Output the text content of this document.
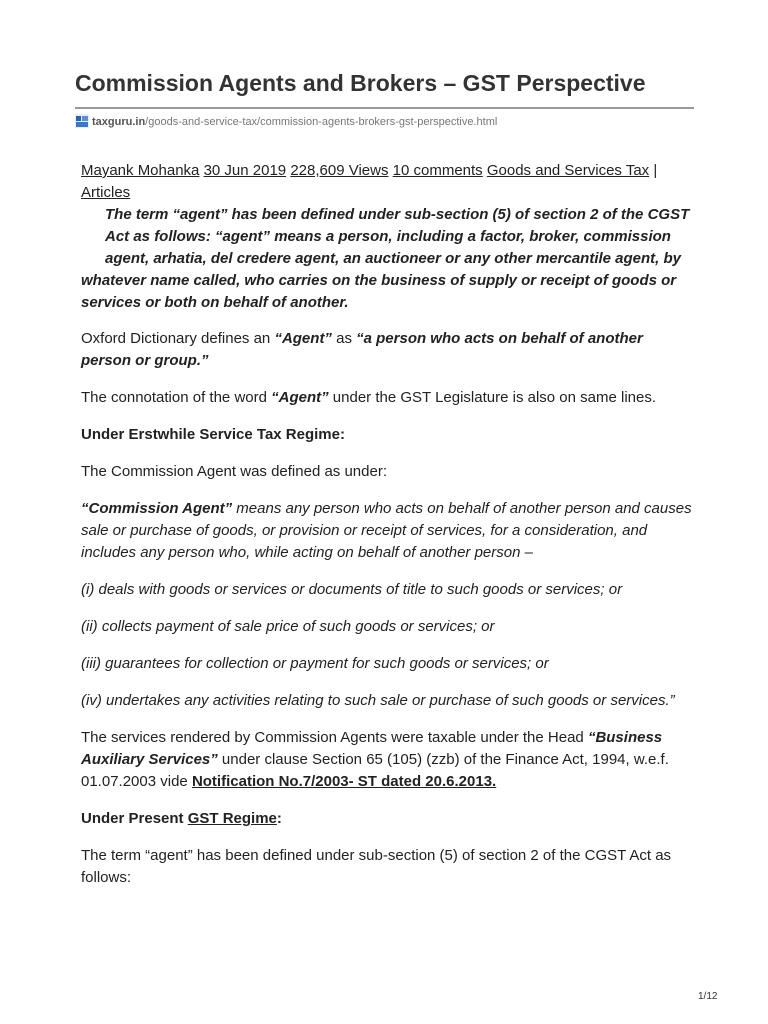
Commission Agents and Brokers – GST Perspective
taxguru.in/goods-and-service-tax/commission-agents-brokers-gst-perspective.html

Mayank Mohanka 30 Jun 2019 228,609 Views 10 comments Goods and Services Tax | Articles

The term “agent” has been defined under sub-section (5) of section 2 of the CGST
Act as follows: “agent” means a person, including a factor, broker, commission
agent, arhatia, del credere agent, an auctioneer or any other mercantile agent, by
whatever name called, who carries on the business of supply or receipt of goods or services or both on behalf of another.

Oxford Dictionary defines an “Agent” as “a person who acts on behalf of another person or group.”

The connotation of the word “Agent” under the GST Legislature is also on same lines.

Under Erstwhile Service Tax Regime:

The Commission Agent was defined as under:

“Commission Agent” means any person who acts on behalf of another person and causes sale or purchase of goods, or provision or receipt of services, for a consideration, and includes any person who, while acting on behalf of another person –

(i) deals with goods or services or documents of title to such goods or services; or

(ii) collects payment of sale price of such goods or services; or

(iii) guarantees for collection or payment for such goods or services; or

(iv) undertakes any activities relating to such sale or purchase of such goods or services.”

The services rendered by Commission Agents were taxable under the Head “Business Auxiliary Services” under clause Section 65 (105) (zzb) of the Finance Act, 1994, w.e.f. 01.07.2003 vide Notification No.7/2003- ST dated 20.6.2013.

Under Present GST Regime:

The term “agent” has been defined under sub-section (5) of section 2 of the CGST Act as follows:

1/12
